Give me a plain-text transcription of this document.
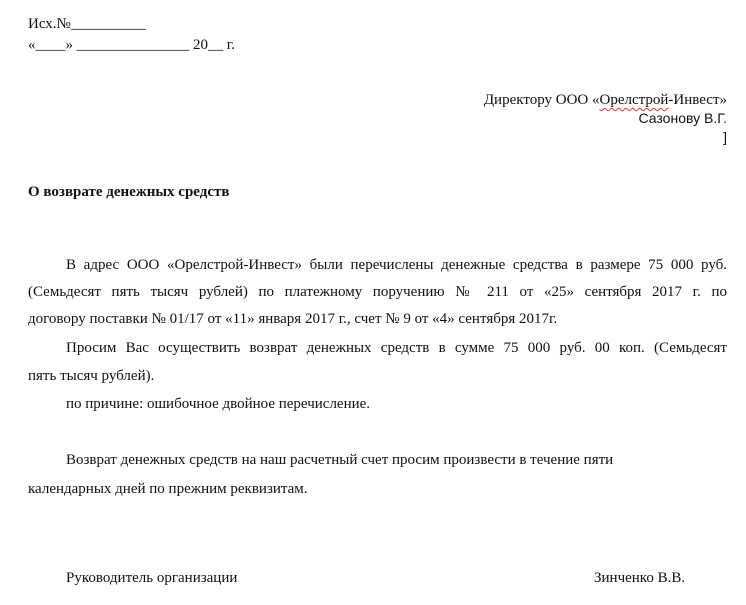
Исх.№__________
«____» _______________ 20__ г.
Директору ООО «Орелстрой-Инвест»
Сазонову В.Г.
]
О возврате денежных средств
В адрес ООО «Орелстрой-Инвест» были перечислены денежные средства в размере 75 000 руб.
(Семьдесят пять тысяч рублей) по платежному поручению № 211 от «25» сентября 2017 г. по
договору поставки № 01/17 от «11» января 2017 г., счет № 9 от «4» сентября 2017г.
Просим Вас осуществить возврат денежных средств в сумме 75 000 руб. 00 коп. (Семьдесят
пять тысяч рублей).
по причине: ошибочное двойное перечисление.
Возврат денежных средств на наш расчетный счет просим произвести в течение пяти
календарных дней по прежним реквизитам.
Руководитель организации	Зинченко В.В.
